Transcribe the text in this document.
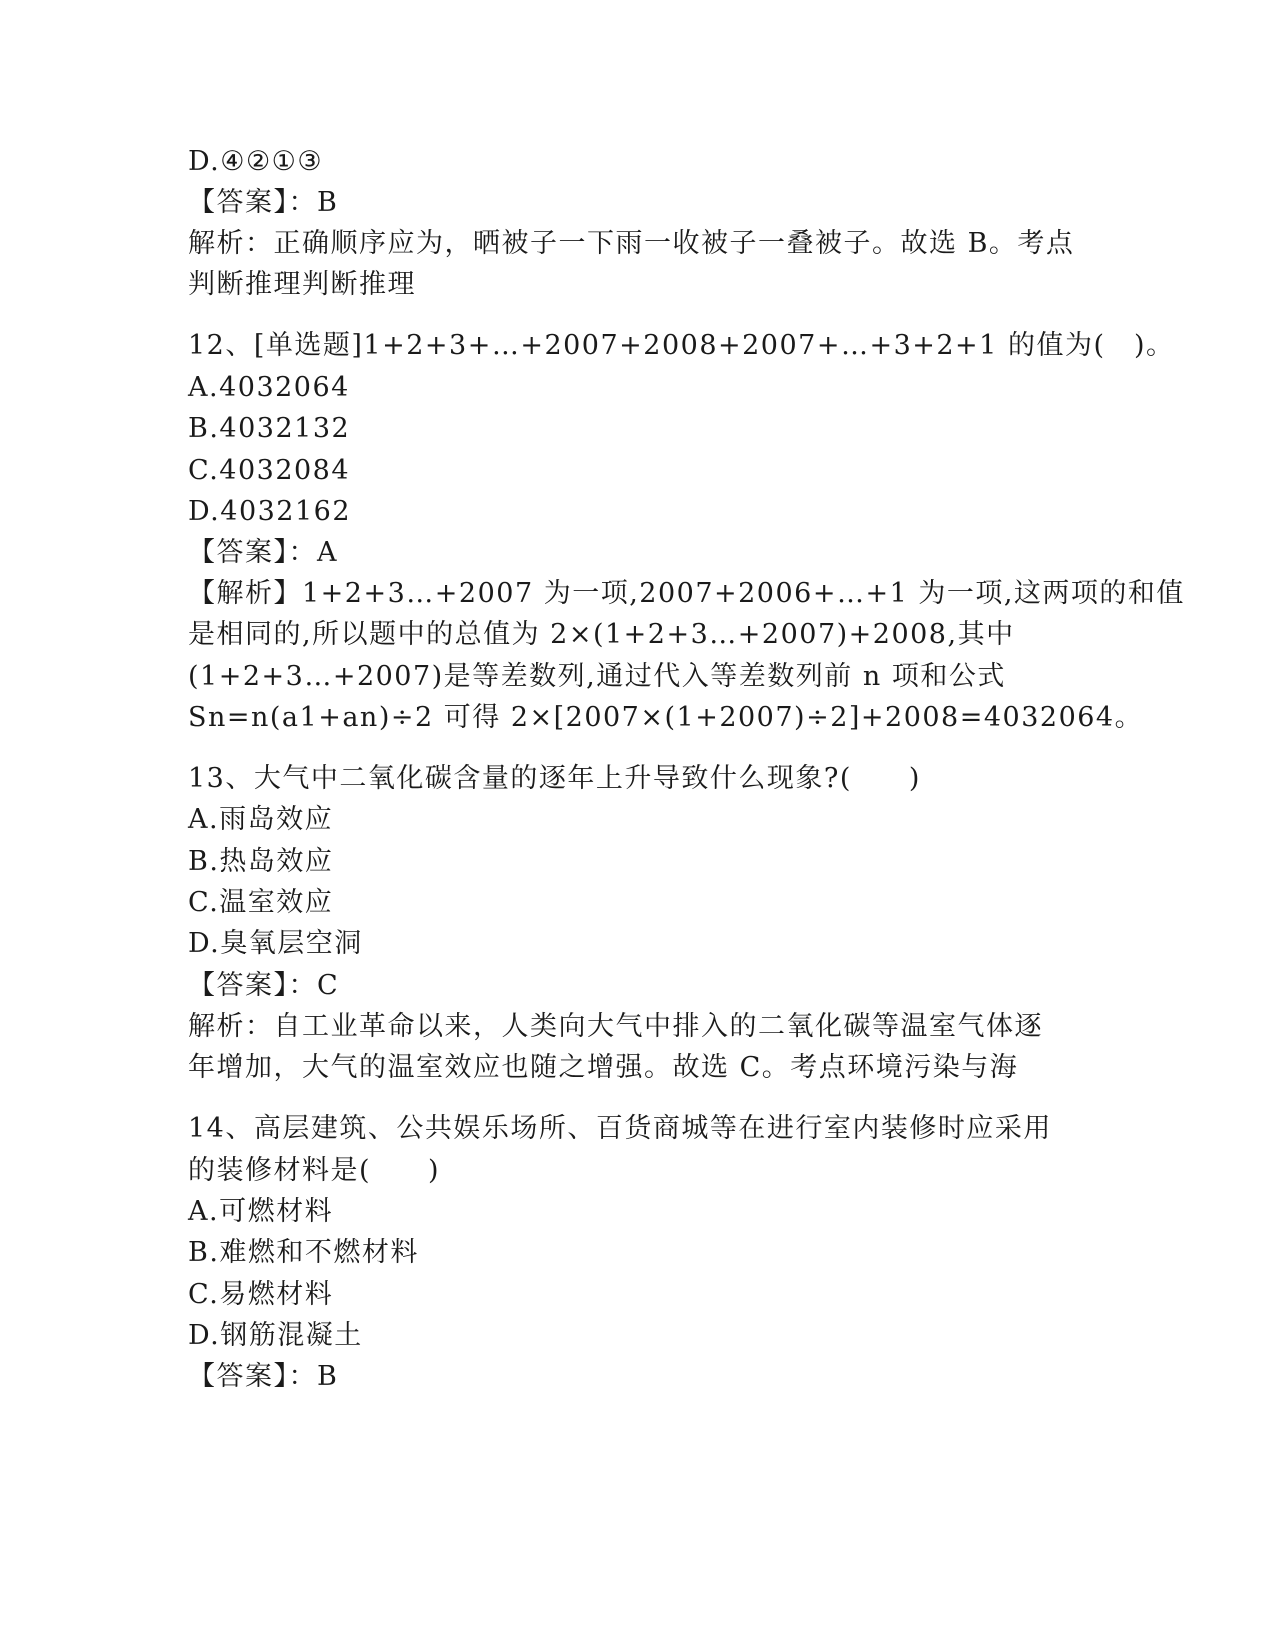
D.④②①③
【答案】：B
解析：正确顺序应为，晒被子一下雨一收被子一叠被子。故选 B。考点
判断推理判断推理
12、[单选题]1+2+3+…+2007+2008+2007+…+3+2+1 的值为(　)。
A.4032064
B.4032132
C.4032084
D.4032162
【答案】：A
【解析】1+2+3…+2007 为一项,2007+2006+…+1 为一项,这两项的和值
是相同的,所以题中的总值为 2×(1+2+3…+2007)+2008,其中
(1+2+3…+2007)是等差数列,通过代入等差数列前 n 项和公式
Sn=n(a1+an)÷2 可得 2×[2007×(1+2007)÷2]+2008=4032064。
13、大气中二氧化碳含量的逐年上升导致什么现象?(　　)
A.雨岛效应
B.热岛效应
C.温室效应
D.臭氧层空洞
【答案】：C
解析：自工业革命以来，人类向大气中排入的二氧化碳等温室气体逐
年增加，大气的温室效应也随之增强。故选 C。考点环境污染与海
14、高层建筑、公共娱乐场所、百货商城等在进行室内装修时应采用
的装修材料是(　　)
A.可燃材料
B.难燃和不燃材料
C.易燃材料
D.钢筋混凝土
【答案】：B
